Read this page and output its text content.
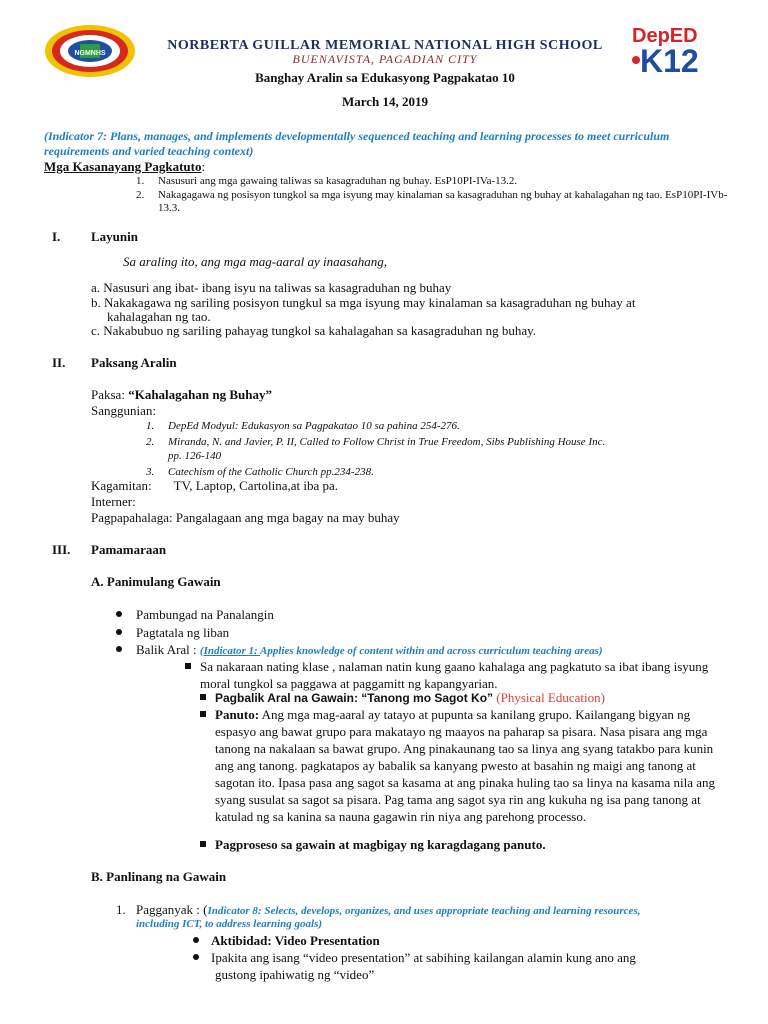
NGMNHS
DepED
K12
NORBERTA GUILLAR MEMORIAL NATIONAL HIGH SCHOOL
BUENAVISTA, PAGADIAN CITY
Banghay Aralin sa Edukasyong Pagpakatao 10
March 14, 2019
(Indicator 7: Plans, manages, and implements developmentally sequenced teaching and learning processes to meet curriculum requirements and varied teaching context)
Mga Kasanayang Pagkatuto:
1. Nasusuri ang mga gawaing taliwas sa kasagraduhan ng buhay. EsP10PI-IVa-13.2.
2. Nakagagawa ng posisyon tungkol sa mga isyung may kinalaman sa kasagraduhan ng buhay at kahalagahan ng tao. EsP10PI-IVb-13.3.
I. Layunin
Sa araling ito, ang mga mag-aaral ay inaasahang,
a. Nasusuri ang ibat- ibang isyu na taliwas sa kasagraduhan ng buhay
b. Nakakagawa ng sariling posisyon tungkul sa mga isyung may kinalaman sa kasagraduhan ng buhay at
kahalagahan ng tao.
c. Nakabubuo ng sariling pahayag tungkol sa kahalagahan sa kasagraduhan ng buhay.
II. Paksang Aralin
Paksa: “Kahalagahan ng Buhay”
Sanggunian:
1. DepEd Modyul: Edukasyon sa Pagpakatao 10 sa pahina 254-276.
2. Miranda, N. and Javier, P. II, Called to Follow Christ in True Freedom, Sibs Publishing House Inc.
pp. 126-140
3. Catechism of the Catholic Church pp.234-238.
Kagamitan: TV, Laptop, Cartolina,at iba pa.
Interner:
Pagpapahalaga: Pangalagaan ang mga bagay na may buhay
III. Pamamaraan
A. Panimulang Gawain
Pambungad na Panalangin
Pagtatala ng liban
Balik Aral : (Indicator 1: Applies knowledge of content within and across curriculum teaching areas)
Sa nakaraan nating klase , nalaman natin kung gaano kahalaga ang pagkatuto sa ibat ibang isyung moral tungkol sa paggawa at paggamitt ng kapangyarian.
Pagbalik Aral na Gawain: “Tanong mo Sagot Ko” (Physical Education)
Panuto: Ang mga mag-aaral ay tatayo at pupunta sa kanilang grupo. Kailangang bigyan ng espasyo ang bawat grupo para makatayo ng maayos na paharap sa pisara. Nasa pisara ang mga tanong na nakalaan sa bawat grupo. Ang pinakaunang tao sa linya ang syang tatakbo para kunin ang ang tanong. pagkatapos ay babalik sa kanyang pwesto at basahin ng maigi ang tanong at sagotan ito. Ipasa pasa ang sagot sa kasama at ang pinaka huling tao sa linya na kasama nila ang syang susulat sa sagot sa pisara. Pag tama ang sagot sya rin ang kukuha ng isa pang tanong at katulad ng sa kanina sa nauna gagawin rin niya ang parehong processo.
Pagproseso sa gawain at magbigay ng karagdagang panuto.
B. Panlinang na Gawain
1. Pagganyak : (Indicator 8: Selects, develops, organizes, and uses appropriate teaching and learning resources,
including ICT, to address learning goals)
Aktibidad: Video Presentation
Ipakita ang isang “video presentation” at sabihing kailangan alamin kung ano ang
gustong ipahiwatig ng “video”
